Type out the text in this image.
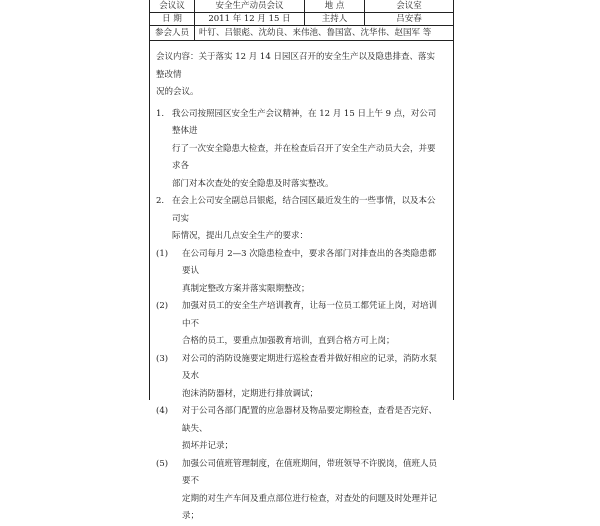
会议议	安全生产动员会议	地 点	会议室
日 期	2011 年 12 月 15 日	主持人	吕安春
参会人员	叶钉、吕银彪、沈幼良、来伟池、鲁国富、沈华伟、赵国军 等

会议内容：关于落实 12 月 14 日园区召开的安全生产以及隐患排查、落实整改情

况的会议。

1. 我公司按照园区安全生产会议精神，在 12 月 15 日上午 9 点，对公司整体进

行了一次安全隐患大检查，并在检查后召开了安全生产动员大会，并要求各

部门对本次查处的安全隐患及时落实整改。

2. 在会上公司安全副总吕银彪，结合园区最近发生的一些事情，以及本公司实

际情况，提出几点安全生产的要求：

(1)	在公司每月 2—3 次隐患检查中，要求各部门对排查出的各类隐患都要认

真制定整改方案并落实限期整改；

(2)	加强对员工的安全生产培训教育，让每一位员工都凭证上岗，对培训中不

合格的员工，要重点加强教育培训，直到合格方可上岗；

(3)	对公司的消防设施要定期进行巡检查看并做好相应的记录，消防水泵及水

泡沫消防器材，定期进行排放调试；

(4)	对于公司各部门配置的应急器材及物品要定期检查，查看是否完好、缺失、

损坏并记录；

(5)	加强公司值班管理制度，在值班期间，带班领导不许脱岗，值班人员要不

定期的对生产车间及重点部位进行检查，对查处的问题及时处理并记录；
